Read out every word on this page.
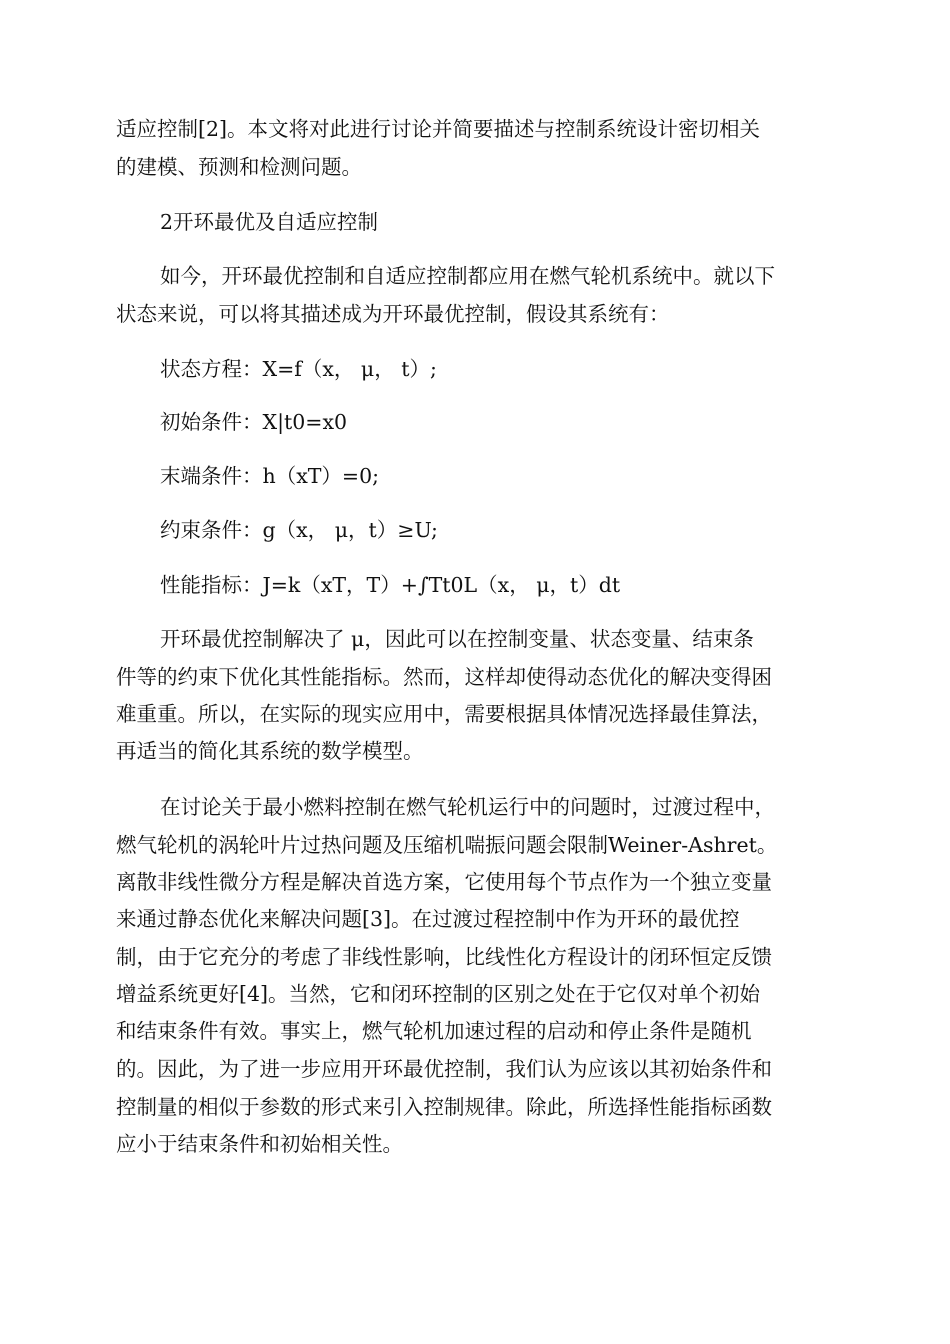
适应控制[2]。本文将对此进行讨论并简要描述与控制系统设计密切相关
的建模、预测和检测问题。
2开环最优及自适应控制
如今，开环最优控制和自适应控制都应用在燃气轮机系统中。就以下
状态来说，可以将其描述成为开环最优控制，假设其系统有：
状态方程：X=f（x， μ， t）;
初始条件：X|t0=x0
末端条件：h（xT）=0;
约束条件：g（x， μ，t）≥U;
性能指标：J=k（xT，T）+∫Tt0L（x， μ，t）dt
开环最优控制解决了 μ，因此可以在控制变量、状态变量、结束条
件等的约束下优化其性能指标。然而，这样却使得动态优化的解决变得困
难重重。所以，在实际的现实应用中，需要根据具体情况选择最佳算法，
再适当的简化其系统的数学模型。
在讨论关于最小燃料控制在燃气轮机运行中的问题时，过渡过程中，
燃气轮机的涡轮叶片过热问题及压缩机喘振问题会限制Weiner-Ashret。
离散非线性微分方程是解决首选方案，它使用每个节点作为一个独立变量
来通过静态优化来解决问题[3]。在过渡过程控制中作为开环的最优控
制，由于它充分的考虑了非线性影响，比线性化方程设计的闭环恒定反馈
增益系统更好[4]。当然，它和闭环控制的区别之处在于它仅对单个初始
和结束条件有效。事实上，燃气轮机加速过程的启动和停止条件是随机
的。因此，为了进一步应用开环最优控制，我们认为应该以其初始条件和
控制量的相似于参数的形式来引入控制规律。除此，所选择性能指标函数
应小于结束条件和初始相关性。
